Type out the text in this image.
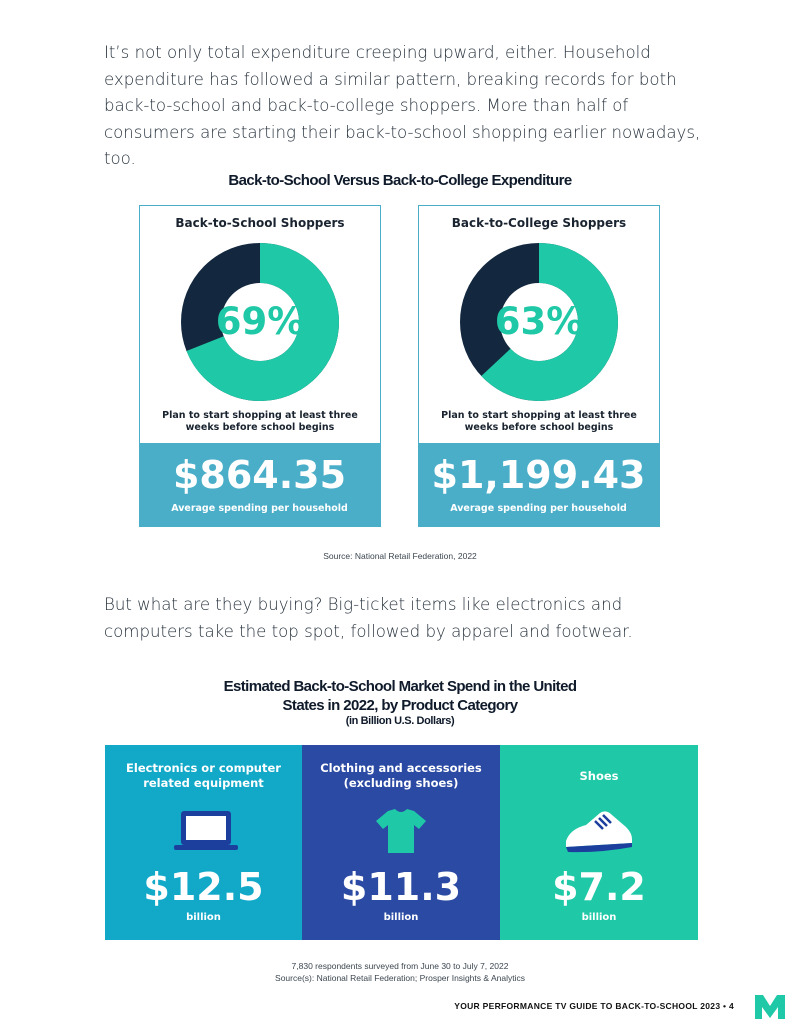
It’s not only total expenditure creeping upward, either. Household expenditure has followed a similar pattern, breaking records for both back-to-school and back-to-college shoppers. More than half of consumers are starting their back-to-school shopping earlier nowadays, too.

Back-to-School Versus Back-to-College Expenditure
Back-to-School Shoppers
69%
Plan to start shopping at least three weeks before school begins
$864.35
Average spending per household
Back-to-College Shoppers
63%
Plan to start shopping at least three weeks before school begins
$1,199.43
Average spending per household
Source: National Retail Federation, 2022

But what are they buying? Big-ticket items like electronics and computers take the top spot, followed by apparel and footwear.

Estimated Back-to-School Market Spend in the United
States in 2022, by Product Category
(in Billion U.S. Dollars)
Electronics or computer related equipment
$12.5
billion
Clothing and accessories (excluding shoes)
$11.3
billion
Shoes
$7.2
billion
7,830 respondents surveyed from June 30 to July 7, 2022
Source(s): National Retail Federation; Prosper Insights & Analytics
YOUR PERFORMANCE TV GUIDE TO BACK-TO-SCHOOL 2023 • 4
